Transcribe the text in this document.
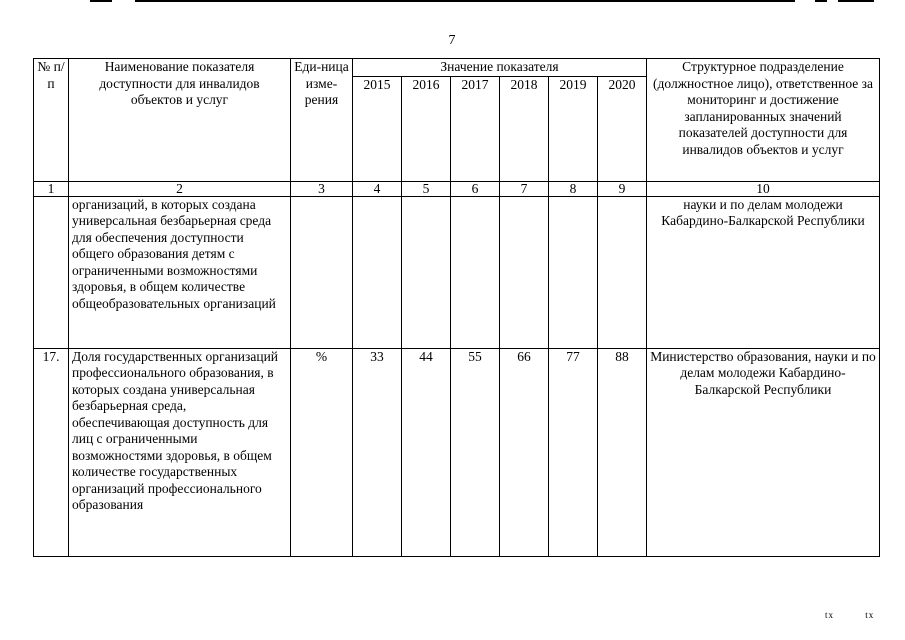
7
№ п/п	Наименование показателя доступности для инвалидов объектов и услуг	Еди-ница изме-рения	Значение показателя						Структурное подразделение (должностное лицо), ответственное за мониторинг и достижение запланированных значений показателей доступности для инвалидов объектов и услуг
			2015	2016	2017	2018	2019	2020	
1	2	3	4	5	6	7	8	9	10
	организаций, в которых создана универсальная безбарьерная среда для обеспечения доступности общего образования детям с ограниченными возможностями здоровья, в общем количестве общеобразовательных организаций								науки и по делам молодежи Кабардино-Балкарской Республики
17.	Доля государственных организаций профессионального образования, в которых создана универсальная безбарьерная среда, обеспечивающая доступность для лиц с ограниченными возможностями здоровья, в общем количестве государственных организаций профессионального образования	%	33	44	55	66	77	88	Министерство образования, науки и по делам молодежи Кабардино-Балкарской Республики
tx	tx
